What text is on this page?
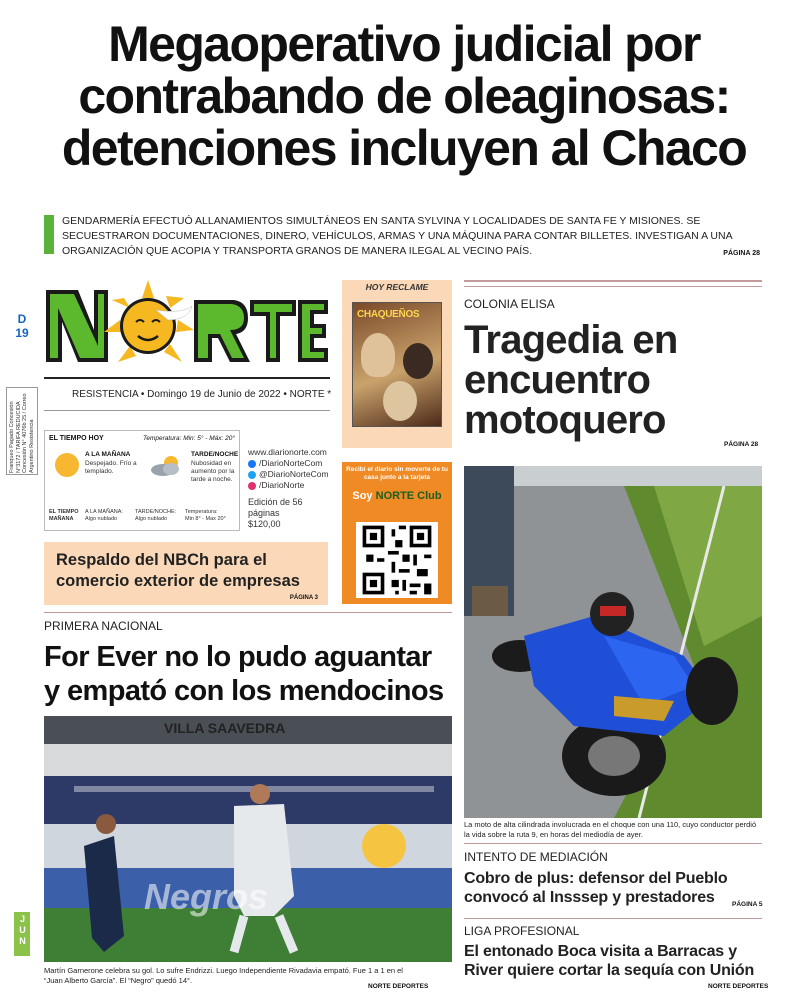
Megaoperativo judicial por contrabando de oleaginosas: detenciones incluyen al Chaco

GENDARMERÍA EFECTUÓ ALLANAMIENTOS SIMULTÁNEOS EN SANTA SYLVINA Y LOCALIDADES DE SANTA FE Y MISIONES. SE SECUESTRARON DOCUMENTACIONES, DINERO, VEHÍCULOS, ARMAS Y UNA MÁQUINA PARA CONTAR BILLETES. INVESTIGAN A UNA ORGANIZACIÓN QUE ACOPIA Y TRANSPORTA GRANOS DE MANERA ILEGAL AL VECINO PAÍS.	PÁGINA 28
D
19
Franqueo Pagado Concesión N°3172 / TARIFA REDUCIDA Concesión N° 4076b 25 / Correo Argentino Resistencia
JUN
RESISTENCIA • Domingo 19 de Junio de 2022 • NORTE *
EL TIEMPO HOY	Temperatura: Min: 5° - Máx: 20°
A LA MAÑANA
Despejado. Frío a templado.
TARDE/NOCHE
Nubosidad en aumento por la tarde a noche.
EL TIEMPO MAÑANA
A LA MAÑANA:
Algo nublado
TARDE/NOCHE:
Algo nublado
Temperatura:
Min 8° - Max 20°
www.diarionorte.com
/DiarioNorteCom
@DiarioNorteCom
/DiarioNorte
Edición de 56 páginas
$120,00
Respaldo del NBCh para el comercio exterior de empresas
PÁGINA 3
HOY RECLAME
CHAQUEÑOS
Recibí el diario sin moverte de tu casa junto a la tarjeta
Soy NORTE Club
COLONIA ELISA
Tragedia en encuentro motoquero
PÁGINA 28

La moto de alta cilindrada involucrada en el choque con una 110, cuyo conductor perdió la vida sobre la ruta 9, en horas del mediodía de ayer.

INTENTO DE MEDIACIÓN
Cobro de plus: defensor del Pueblo convocó al Insssep y prestadores	PÁGINA 5
LIGA PROFESIONAL
El entonado Boca visita a Barracas y River quiere cortar la sequía con Unión
NORTE DEPORTES
PRIMERA NACIONAL
For Ever no lo pudo aguantar y empató con los mendocinos
VILLA SAAVEDRA
Negros

Martín Garnerone celebra su gol. Lo sufre Endrizzi. Luego Independiente Rivadavia empató. Fue 1 a 1 en el “Juan Alberto García”. El “Negro” quedó 14°.

NORTE DEPORTES
